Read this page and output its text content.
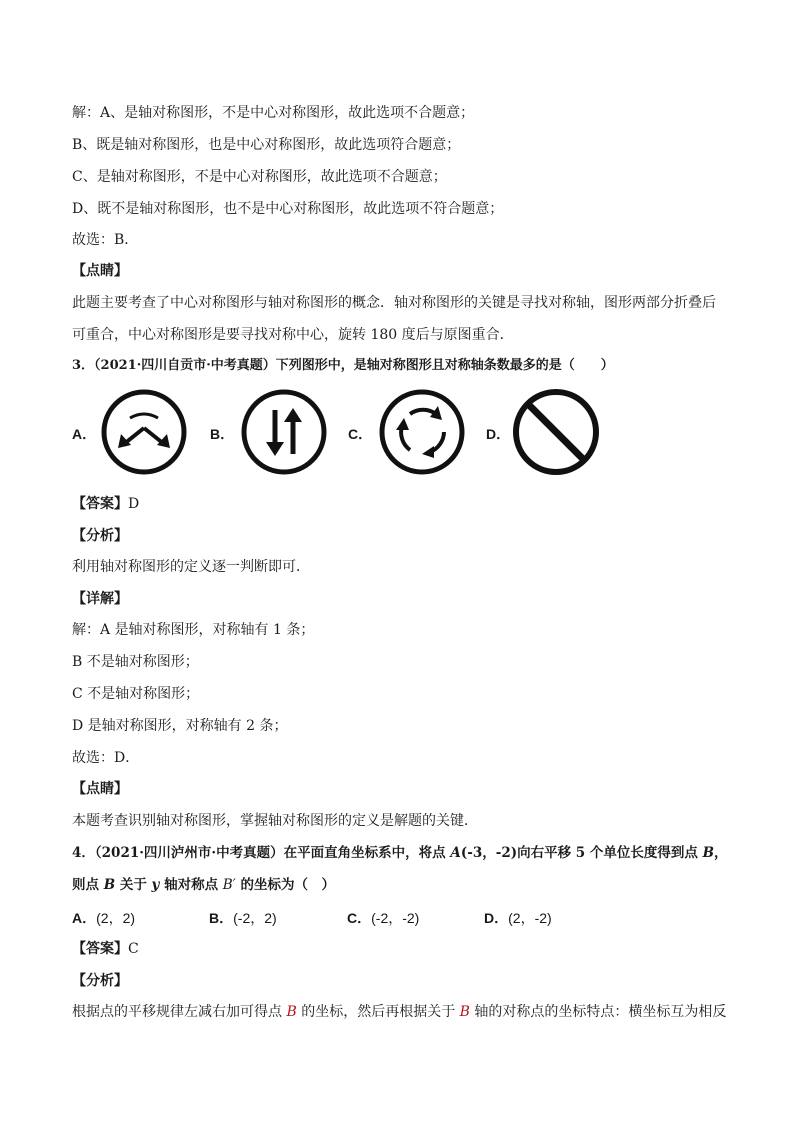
解：A、是轴对称图形，不是中心对称图形，故此选项不合题意；
B、既是轴对称图形，也是中心对称图形，故此选项符合题意；
C、是轴对称图形，不是中心对称图形，故此选项不合题意；
D、既不是轴对称图形，也不是中心对称图形，故此选项不符合题意；
故选：B．
【点睛】
此题主要考查了中心对称图形与轴对称图形的概念．轴对称图形的关键是寻找对称轴，图形两部分折叠后
可重合，中心对称图形是要寻找对称中心，旋转 180 度后与原图重合．
3．（2021·四川自贡市·中考真题）下列图形中，是轴对称图形且对称轴条数最多的是（　　）
A．	B．	C．	D．
【答案】D
【分析】
利用轴对称图形的定义逐一判断即可．
【详解】
解：A 是轴对称图形，对称轴有 1 条；
B 不是轴对称图形；
C 不是轴对称图形；
D 是轴对称图形，对称轴有 2 条；
故选：D．
【点睛】
本题考查识别轴对称图形，掌握轴对称图形的定义是解题的关键．
4．（2021·四川泸州市·中考真题）在平面直角坐标系中，将点 A(-3，-2)向右平移 5 个单位长度得到点 B，
则点 B 关于 y 轴对称点 B′ 的坐标为（　）
A．(2，2)	B．(-2，2)	C．(-2，-2)	D．(2，-2)
【答案】C
【分析】
根据点的平移规律左减右加可得点 B 的坐标，然后再根据关于 B 轴的对称点的坐标特点：横坐标互为相反
